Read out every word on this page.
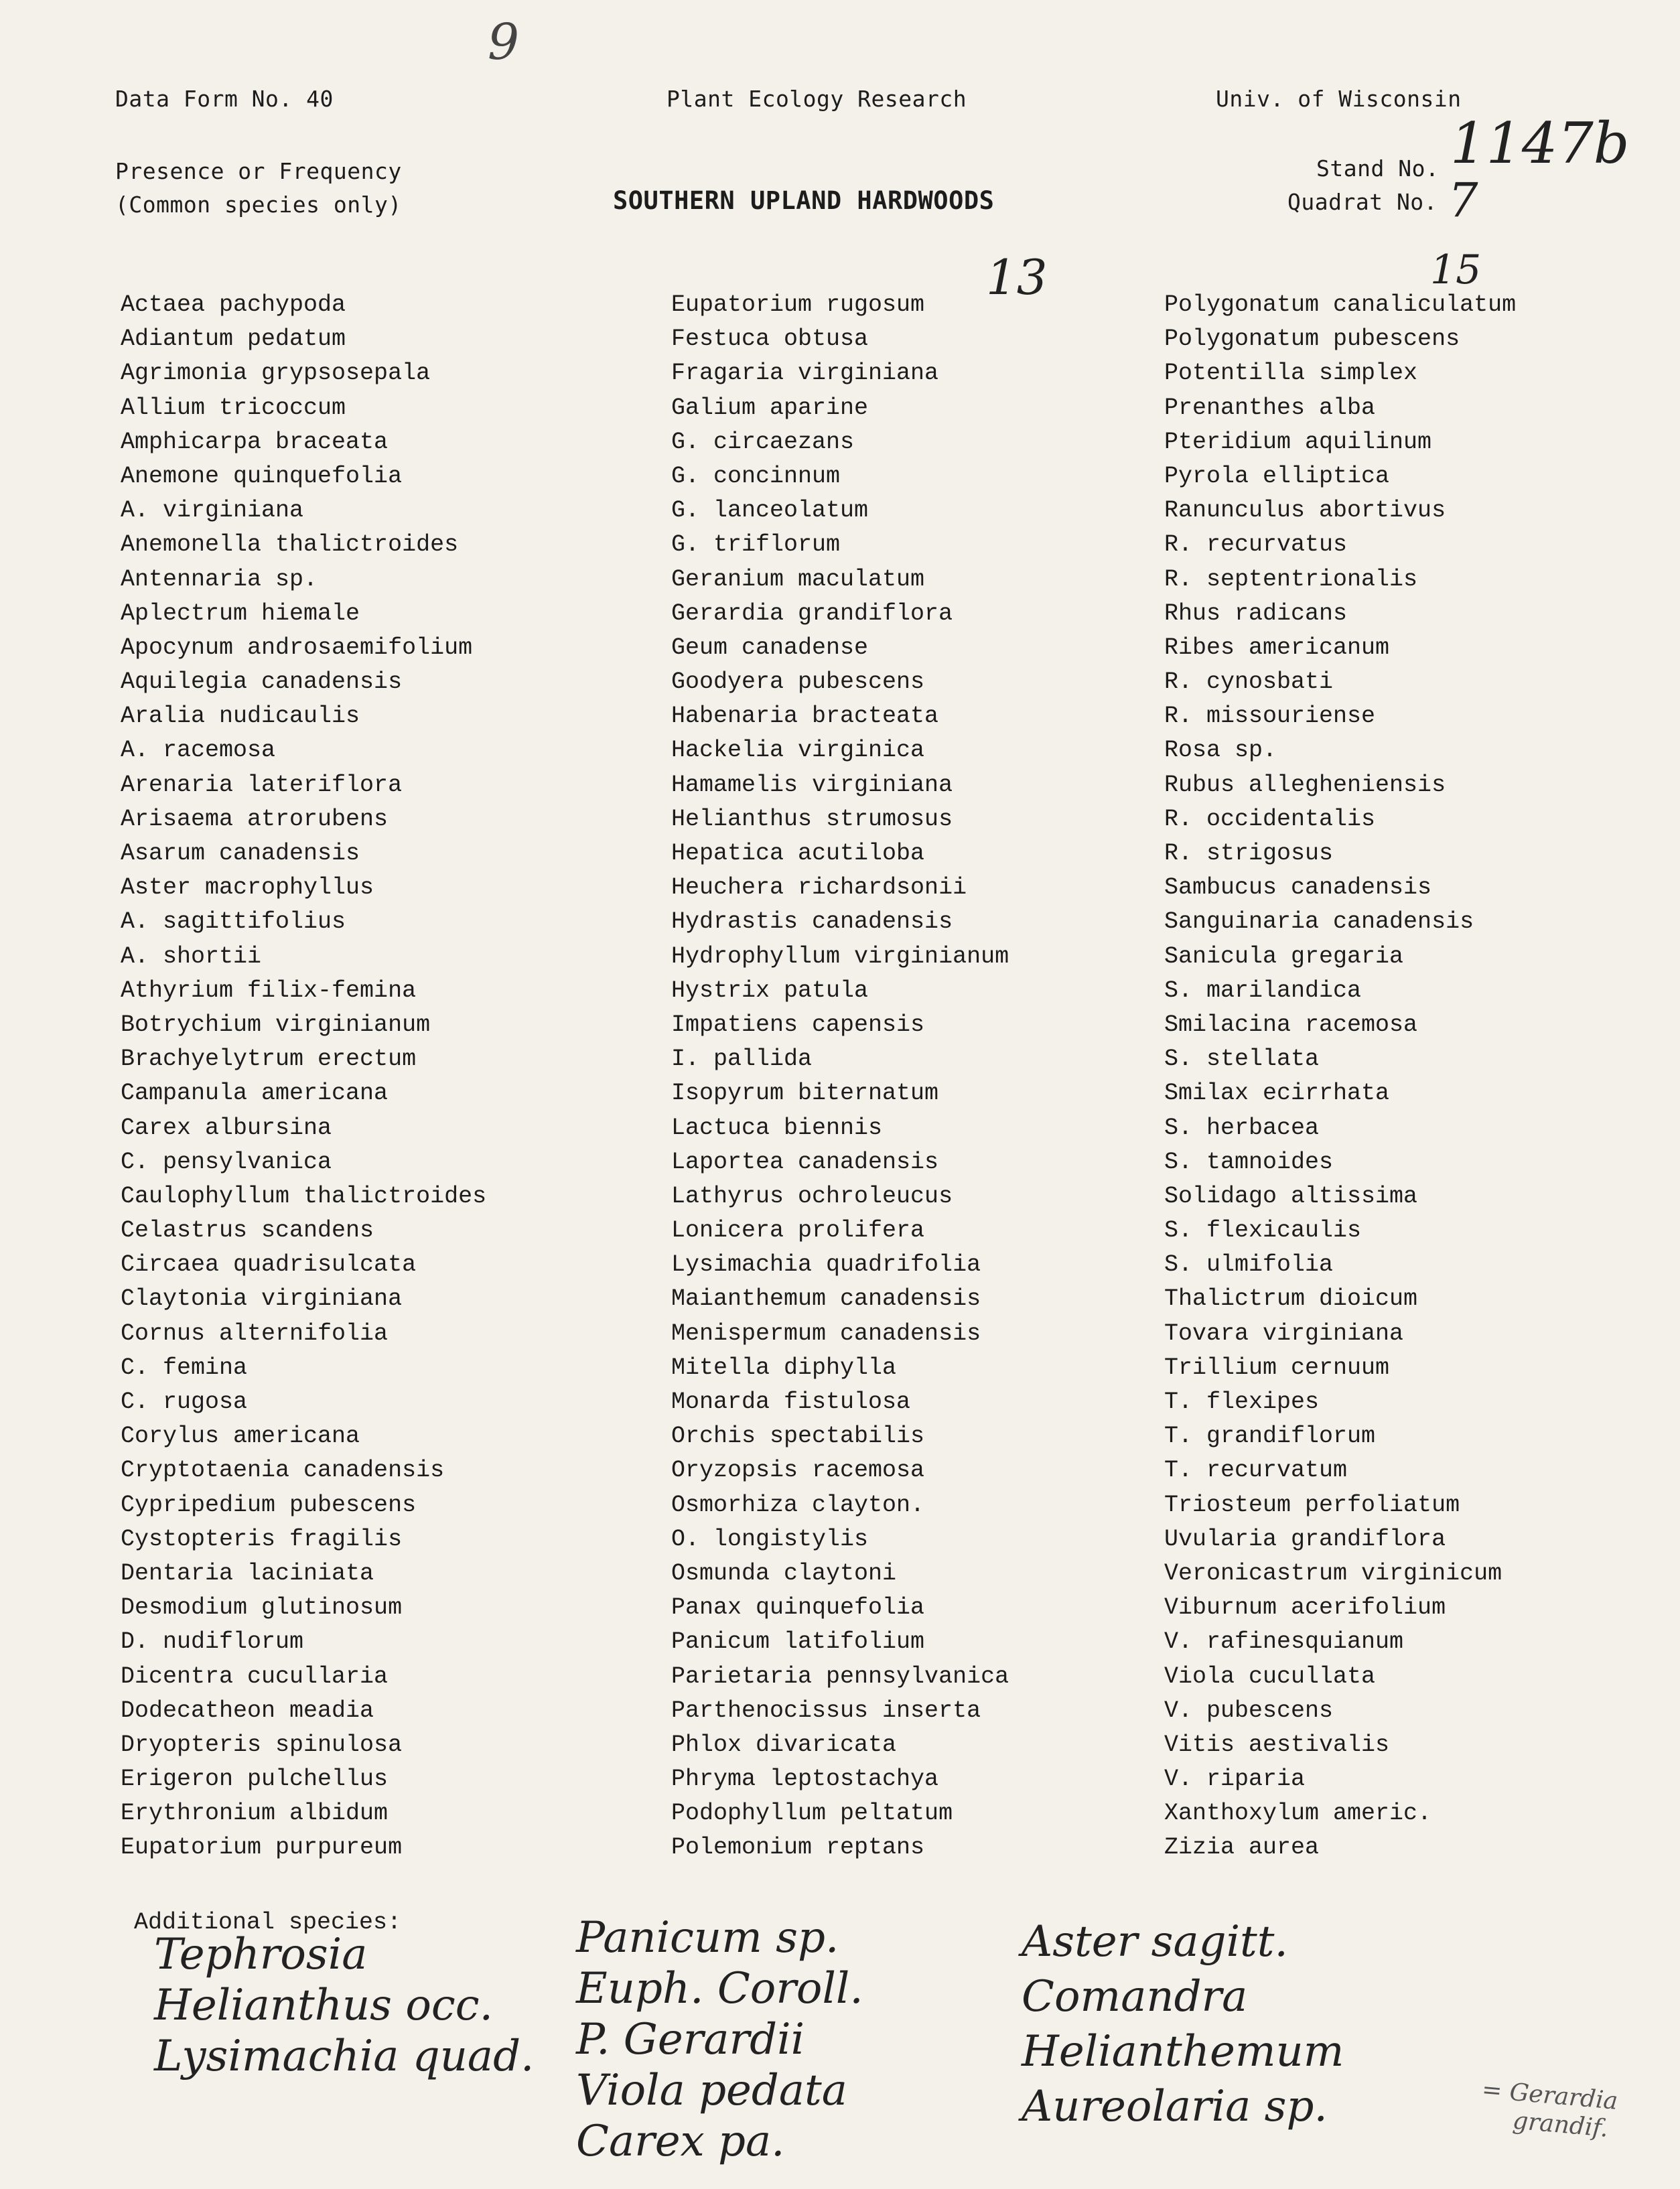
9
Data Form No. 40	Plant Ecology Research	Univ. of Wisconsin
Presence or Frequency
(Common species only)	SOUTHERN UPLAND HARDWOODS
Stand No. 1147b
Quadrat No. 7
13	15
Actaea pachypoda
Adiantum pedatum
Agrimonia grypsosepala
Allium tricoccum
Amphicarpa braceata
Anemone quinquefolia
A. virginiana
Anemonella thalictroides
Antennaria sp.
Aplectrum hiemale
Apocynum androsaemifolium
Aquilegia canadensis
Aralia nudicaulis
A. racemosa
Arenaria lateriflora
Arisaema atrorubens
Asarum canadensis
Aster macrophyllus
A. sagittifolius
A. shortii
Athyrium filix-femina
Botrychium virginianum
Brachyelytrum erectum
Campanula americana
Carex albursina
C. pensylvanica
Caulophyllum thalictroides
Celastrus scandens
Circaea quadrisulcata
Claytonia virginiana
Cornus alternifolia
C. femina
C. rugosa
Corylus americana
Cryptotaenia canadensis
Cypripedium pubescens
Cystopteris fragilis
Dentaria laciniata
Desmodium glutinosum
D. nudiflorum
Dicentra cucullaria
Dodecatheon meadia
Dryopteris spinulosa
Erigeron pulchellus
Erythronium albidum
Eupatorium purpureum
Eupatorium rugosum
Festuca obtusa
Fragaria virginiana
Galium aparine
G. circaezans
G. concinnum
G. lanceolatum
G. triflorum
Geranium maculatum
Gerardia grandiflora
Geum canadense
Goodyera pubescens
Habenaria bracteata
Hackelia virginica
Hamamelis virginiana
Helianthus strumosus
Hepatica acutiloba
Heuchera richardsonii
Hydrastis canadensis
Hydrophyllum virginianum
Hystrix patula
Impatiens capensis
I. pallida
Isopyrum biternatum
Lactuca biennis
Laportea canadensis
Lathyrus ochroleucus
Lonicera prolifera
Lysimachia quadrifolia
Maianthemum canadensis
Menispermum canadensis
Mitella diphylla
Monarda fistulosa
Orchis spectabilis
Oryzopsis racemosa
Osmorhiza clayton.
O. longistylis
Osmunda claytoni
Panax quinquefolia
Panicum latifolium
Parietaria pennsylvanica
Parthenocissus inserta
Phlox divaricata
Phryma leptostachya
Podophyllum peltatum
Polemonium reptans
Polygonatum canaliculatum
Polygonatum pubescens
Potentilla simplex
Prenanthes alba
Pteridium aquilinum
Pyrola elliptica
Ranunculus abortivus
R. recurvatus
R. septentrionalis
Rhus radicans
Ribes americanum
R. cynosbati
R. missouriense
Rosa sp.
Rubus allegheniensis
R. occidentalis
R. strigosus
Sambucus canadensis
Sanguinaria canadensis
Sanicula gregaria
S. marilandica
Smilacina racemosa
S. stellata
Smilax ecirrhata
S. herbacea
S. tamnoides
Solidago altissima
S. flexicaulis
S. ulmifolia
Thalictrum dioicum
Tovara virginiana
Trillium cernuum
T. flexipes
T. grandiflorum
T. recurvatum
Triosteum perfoliatum
Uvularia grandiflora
Veronicastrum virginicum
Viburnum acerifolium
V. rafinesquianum
Viola cucullata
V. pubescens
Vitis aestivalis
V. riparia
Xanthoxylum americ.
Zizia aurea
Additional species:
Tephrosia
Helianthus occ.
Lysimachia quad.
Panicum sp.
Euph. Coroll.
P. Gerardii
Viola pedata
Carex pa.
Aster sagitt.
Comandra
Helianthemum
Aureolaria sp.	= Gerardia
grandif.
